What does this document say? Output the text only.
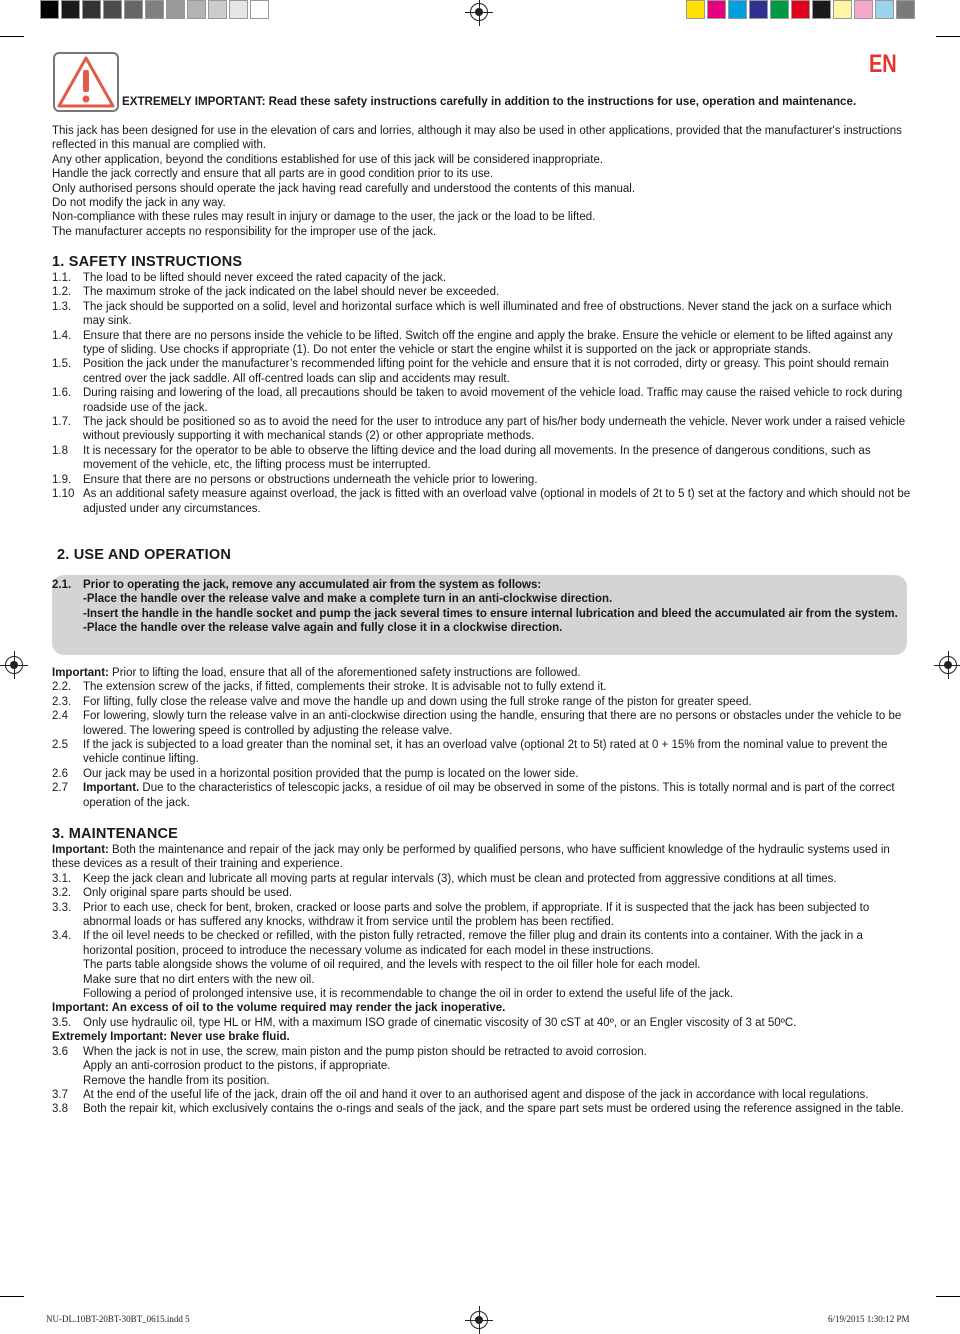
EN
EXTREMELY IMPORTANT: Read these safety instructions carefully in addition to the instructions for use, operation and maintenance.

This jack has been designed for use in the elevation of cars and lorries, although it may also be used in other applications, provided that the manufacturer's instructions reflected in this manual are complied with.

Any other application, beyond the conditions established for use of this jack will be considered inappropriate.

Handle the jack correctly and ensure that all parts are in good condition prior to its use.

Only authorised persons should operate the jack having read carefully and understood the contents of this manual.

Do not modify the jack in any way.

Non-compliance with these rules may result in injury or damage to the user, the jack or the load to be lifted.

The manufacturer accepts no responsibility for the improper use of the jack.

1. SAFETY INSTRUCTIONS
1.1. The load to be lifted should never exceed the rated capacity of the jack.
1.2. The maximum stroke of the jack indicated on the label should never be exceeded.
1.3. The jack should be supported on a solid, level and horizontal surface which is well illuminated and free of obstructions. Never stand the jack on a surface which may sink.
1.4. Ensure that there are no persons inside the vehicle to be lifted. Switch off the engine and apply the brake. Ensure the vehicle or element to be lifted against any type of sliding. Use chocks if appropriate (1). Do not enter the vehicle or start the engine whilst it is supported on the jack or appropriate stands.
1.5. Position the jack under the manufacturer’s recommended lifting point for the vehicle and ensure that it is not corroded, dirty or greasy. This point should remain centred over the jack saddle. All off-centred loads can slip and accidents may result.
1.6. During raising and lowering of the load, all precautions should be taken to avoid movement of the vehicle load. Traffic may cause the raised vehicle to rock during roadside use of the jack.
1.7. The jack should be positioned so as to avoid the need for the user to introduce any part of his/her body underneath the vehicle. Never work under a raised vehicle without previously supporting it with mechanical stands (2) or other appropriate methods.
1.8 It is necessary for the operator to be able to observe the lifting device and the load during all movements. In the presence of dangerous conditions, such as movement of the vehicle, etc, the lifting process must be interrupted.
1.9. Ensure that there are no persons or obstructions underneath the vehicle prior to lowering.
1.10 As an additional safety measure against overload, the jack is fitted with an overload valve (optional in models of 2t to 5 t) set at the factory and which should not be adjusted under any circumstances.
2. USE AND OPERATION
2.1. Prior to operating the jack, remove any accumulated air from the system as follows:
-Place the handle over the release valve and make a complete turn in an anti-clockwise direction.
-Insert the handle in the handle socket and pump the jack several times to ensure internal lubrication and bleed the accumulated air from the system.
-Place the handle over the release valve again and fully close it in a clockwise direction.

Important: Prior to lifting the load, ensure that all of the aforementioned safety instructions are followed.

2.2. The extension screw of the jacks, if fitted, complements their stroke. It is advisable not to fully extend it.
2.3. For lifting, fully close the release valve and move the handle up and down using the full stroke range of the piston for greater speed.
2.4 For lowering, slowly turn the release valve in an anti-clockwise direction using the handle, ensuring that there are no persons or obstacles under the vehicle to be lowered. The lowering speed is controlled by adjusting the release valve.
2.5 If the jack is subjected to a load greater than the nominal set, it has an overload valve (optional 2t to 5t) rated at 0 + 15% from the nominal value to prevent the vehicle continue lifting.
2.6 Our jack may be used in a horizontal position provided that the pump is located on the lower side.
2.7 Important. Due to the characteristics of telescopic jacks, a residue of oil may be observed in some of the pistons. This is totally normal and is part of the correct operation of the jack.
3. MAINTENANCE

Important: Both the maintenance and repair of the jack may only be performed by qualified persons, who have sufficient knowledge of the hydraulic systems used in these devices as a result of their training and experience.

3.1. Keep the jack clean and lubricate all moving parts at regular intervals (3), which must be clean and protected from aggressive conditions at all times.
3.2. Only original spare parts should be used.
3.3. Prior to each use, check for bent, broken, cracked or loose parts and solve the problem, if appropriate. If it is suspected that the jack has been subjected to abnormal loads or has suffered any knocks, withdraw it from service until the problem has been rectified.
3.4. If the oil level needs to be checked or refilled, with the piston fully retracted, remove the filler plug and drain its contents into a container. With the jack in a horizontal position, proceed to introduce the necessary volume as indicated for each model in these instructions.
The parts table alongside shows the volume of oil required, and the levels with respect to the oil filler hole for each model.
Make sure that no dirt enters with the new oil.
Following a period of prolonged intensive use, it is recommendable to change the oil in order to extend the useful life of the jack.

Important: An excess of oil to the volume required may render the jack inoperative.

3.5. Only use hydraulic oil, type HL or HM, with a maximum ISO grade of cinematic viscosity of 30 cST at 40º, or an Engler viscosity of 3 at 50ºC.

Extremely Important: Never use brake fluid.

3.6 When the jack is not in use, the screw, main piston and the pump piston should be retracted to avoid corrosion.
Apply an anti-corrosion product to the pistons, if appropriate.
Remove the handle from its position.
3.7 At the end of the useful life of the jack, drain off the oil and hand it over to an authorised agent and dispose of the jack in accordance with local regulations.
3.8 Both the repair kit, which exclusively contains the o-rings and seals of the jack, and the spare part sets must be ordered using the reference assigned in the table.
NU-DL.10BT-20BT-30BT_0615.indd 5	6/19/2015 1:30:12 PM
